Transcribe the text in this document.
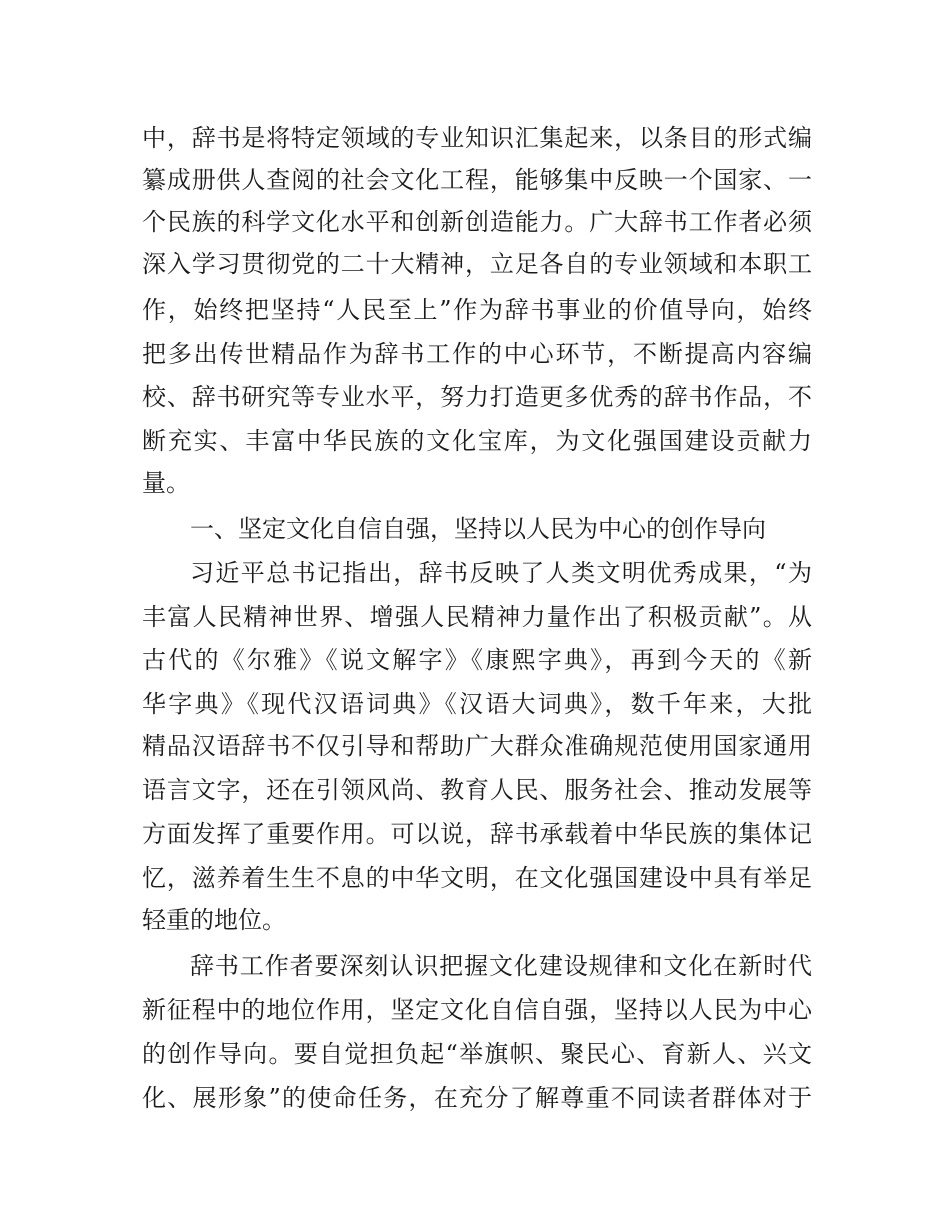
中，辞书是将特定领域的专业知识汇集起来，以条目的形式编
纂成册供人查阅的社会文化工程，能够集中反映一个国家、一
个民族的科学文化水平和创新创造能力。广大辞书工作者必须
深入学习贯彻党的二十大精神，立足各自的专业领域和本职工
作，始终把坚持“人民至上”作为辞书事业的价值导向，始终
把多出传世精品作为辞书工作的中心环节，不断提高内容编
校、辞书研究等专业水平，努力打造更多优秀的辞书作品，不
断充实、丰富中华民族的文化宝库，为文化强国建设贡献力
量。
一、坚定文化自信自强，坚持以人民为中心的创作导向
习近平总书记指出，辞书反映了人类文明优秀成果，“为
丰富人民精神世界、增强人民精神力量作出了积极贡献”。从
古代的《尔雅》《说文解字》《康熙字典》，再到今天的《新
华字典》《现代汉语词典》《汉语大词典》，数千年来，大批
精品汉语辞书不仅引导和帮助广大群众准确规范使用国家通用
语言文字，还在引领风尚、教育人民、服务社会、推动发展等
方面发挥了重要作用。可以说，辞书承载着中华民族的集体记
忆，滋养着生生不息的中华文明，在文化强国建设中具有举足
轻重的地位。
辞书工作者要深刻认识把握文化建设规律和文化在新时代
新征程中的地位作用，坚定文化自信自强，坚持以人民为中心
的创作导向。要自觉担负起“举旗帜、聚民心、育新人、兴文
化、展形象”的使命任务，在充分了解尊重不同读者群体对于
